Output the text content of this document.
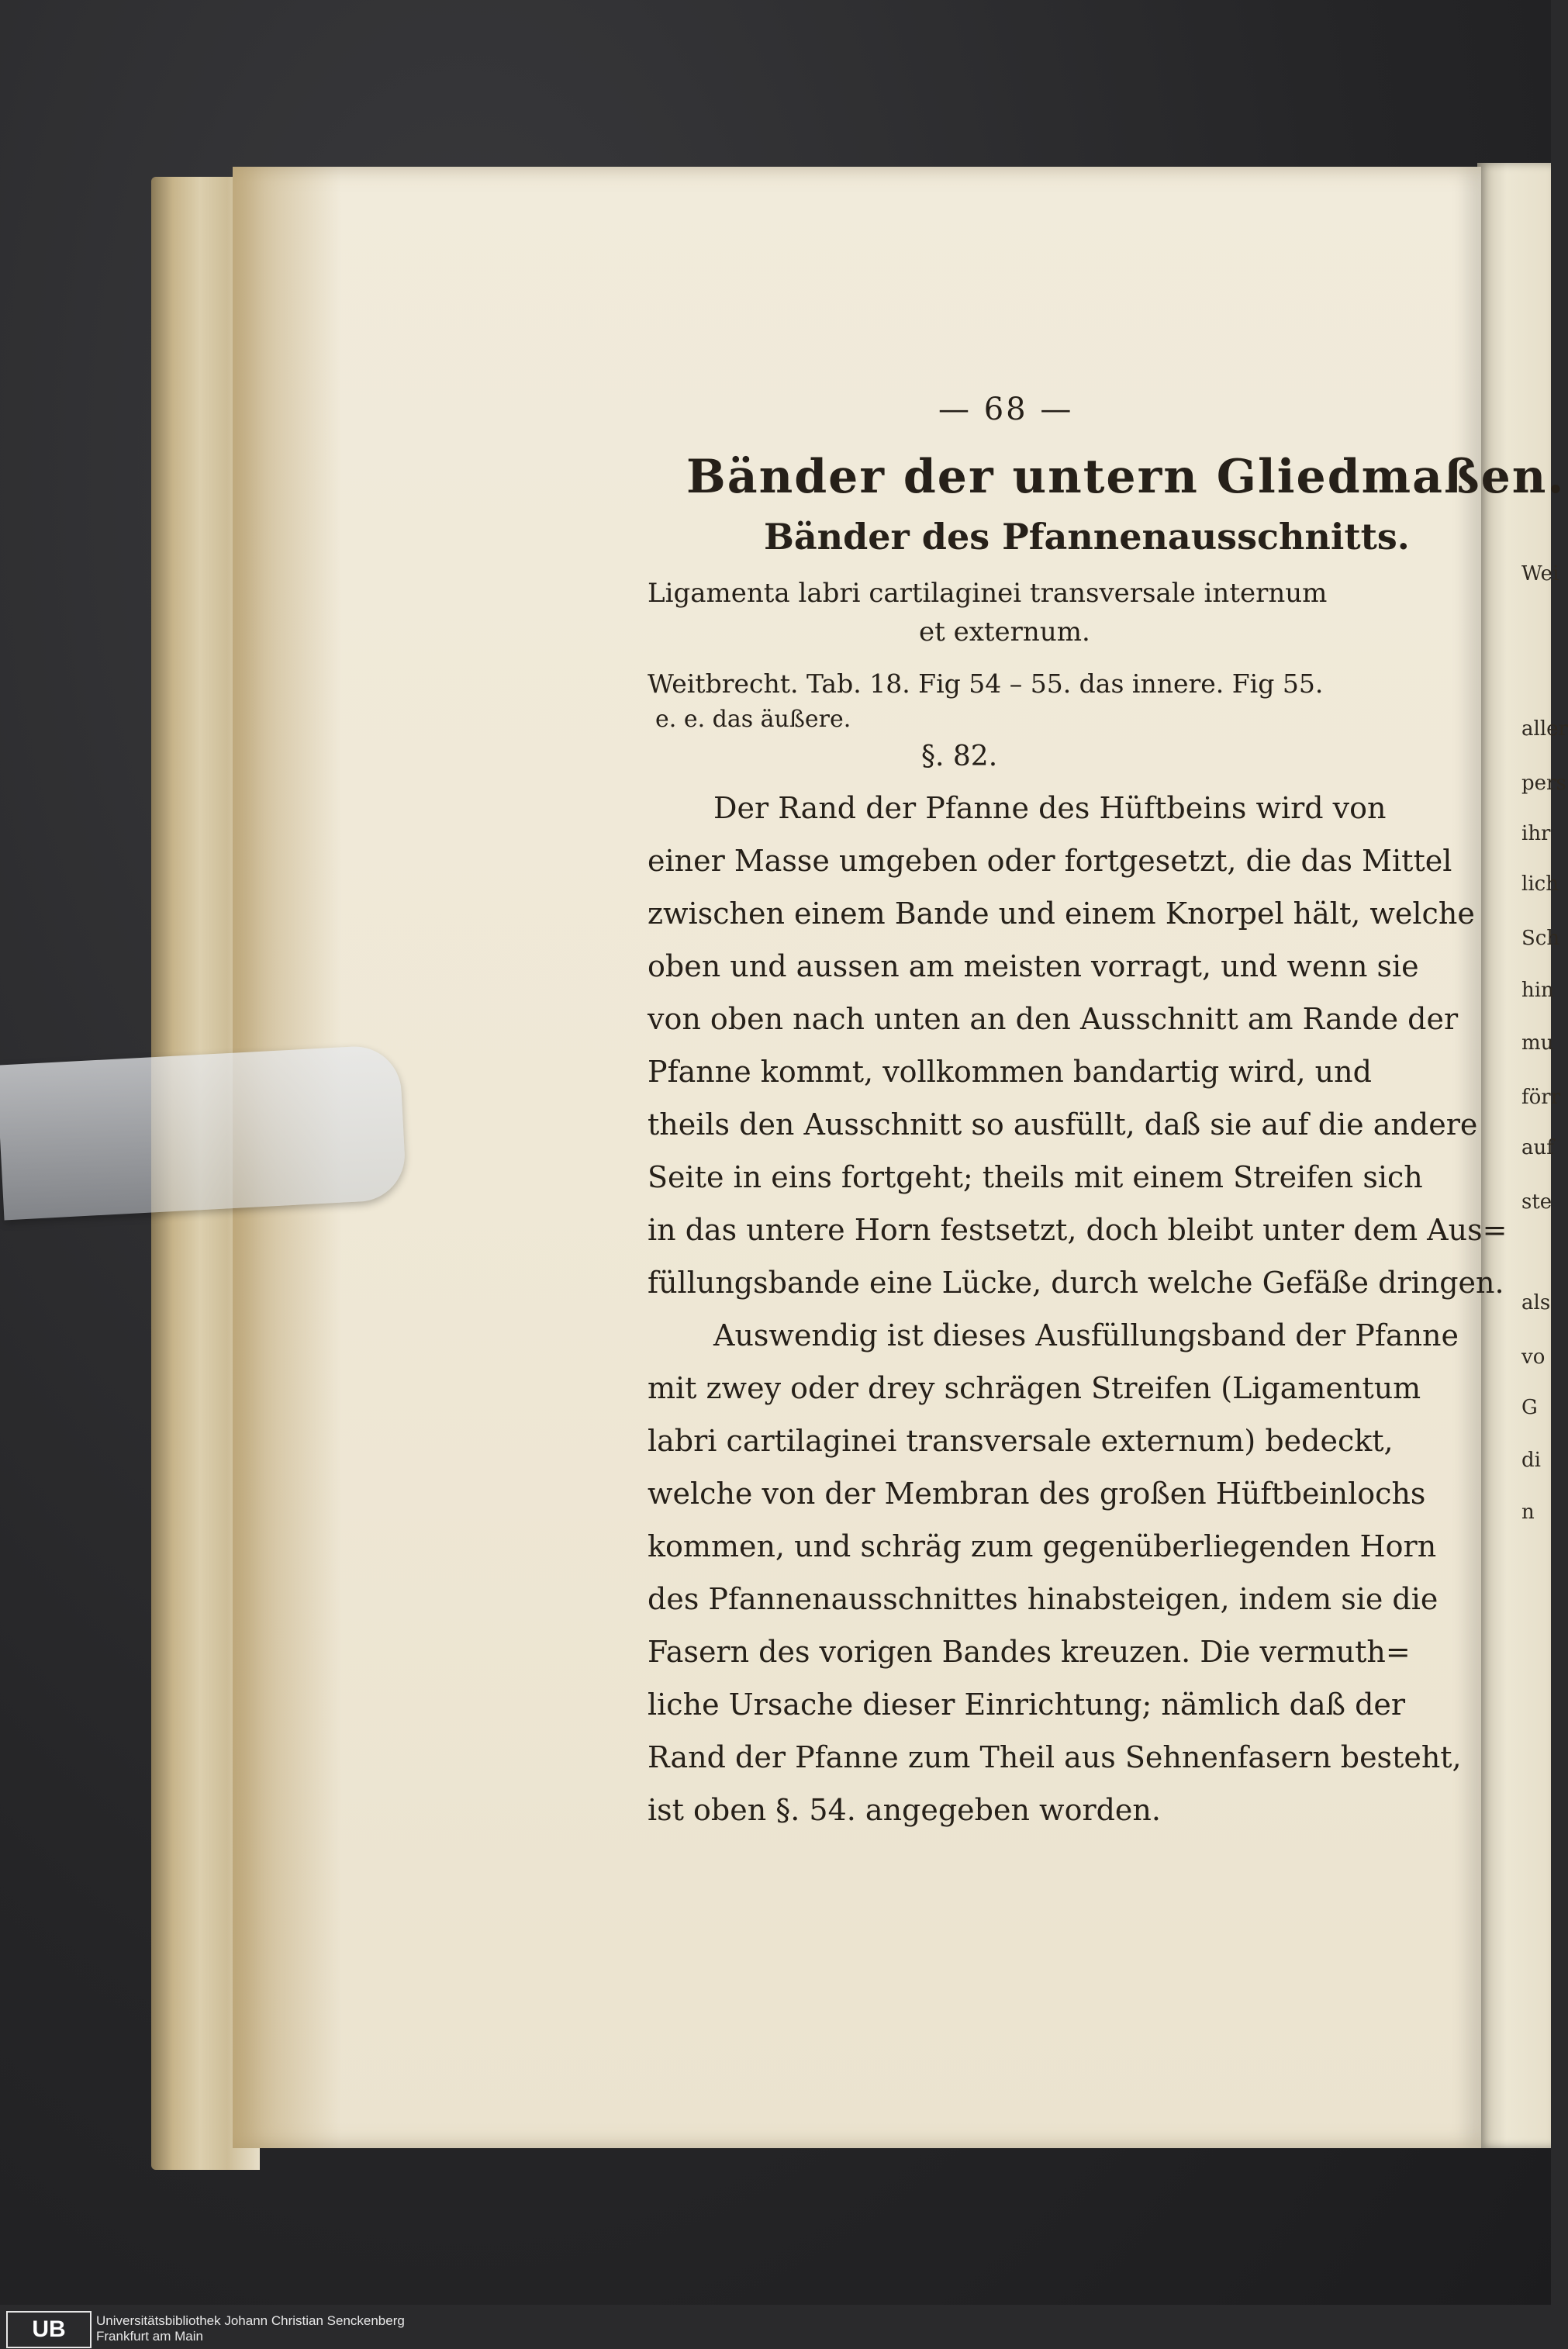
— 68 —
Bänder der untern Gliedmaßen.
Bänder des Pfannenausschnitts.
Ligamenta labri cartilaginei transversale internum
et externum.
Weitbrecht. Tab. 18. Fig 54 – 55. das innere. Fig 55.
e. e. das äußere.
§. 82.
Der Rand der Pfanne des Hüftbeins wird von
einer Masse umgeben oder fortgesetzt, die das Mittel
zwischen einem Bande und einem Knorpel hält, welche
oben und aussen am meisten vorragt, und wenn sie
von oben nach unten an den Ausschnitt am Rande der
Pfanne kommt, vollkommen bandartig wird, und
theils den Ausschnitt so ausfüllt, daß sie auf die andere
Seite in eins fortgeht; theils mit einem Streifen sich
in das untere Horn festsetzt, doch bleibt unter dem Aus=
füllungsbande eine Lücke, durch welche Gefäße dringen.
Auswendig ist dieses Ausfüllungsband der Pfanne
mit zwey oder drey schrägen Streifen (Ligamentum
labri cartilaginei transversale externum) bedeckt,
welche von der Membran des großen Hüftbeinlochs
kommen, und schräg zum gegenüberliegenden Horn
des Pfannenausschnittes hinabsteigen, indem sie die
Fasern des vorigen Bandes kreuzen. Die vermuth=
liche Ursache dieser Einrichtung; nämlich daß der
Rand der Pfanne zum Theil aus Sehnenfasern besteht,
ist oben §. 54. angegeben worden.
Wei
aller
pers
ihr
lich
Sch
hin
mu
förr
auf
ste
als
vo
G
di
n
UB	Universitätsbibliothek Johann Christian Senckenberg
Frankfurt am Main
